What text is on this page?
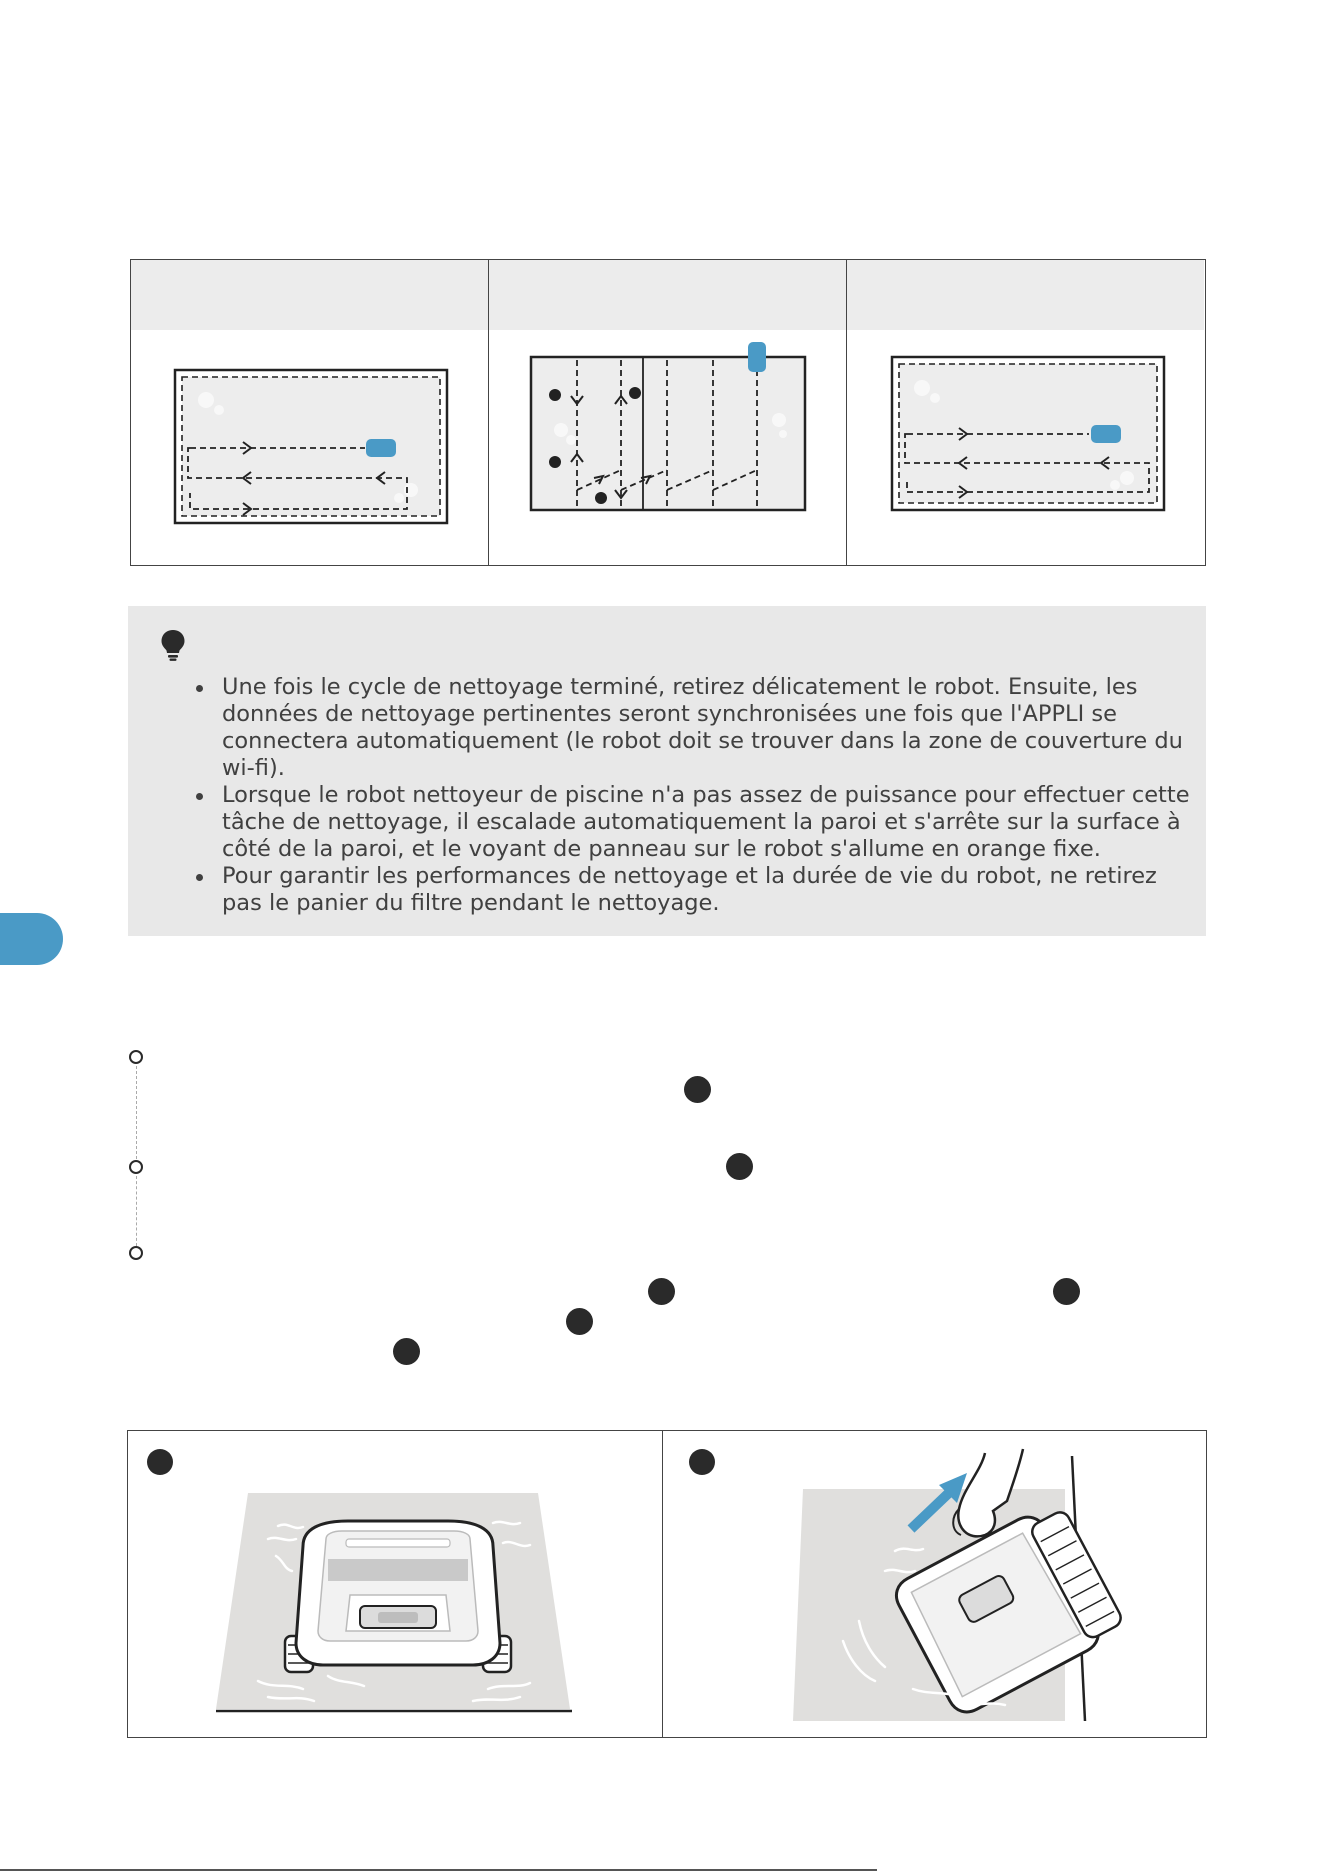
Une fois le cycle de nettoyage terminé, retirez délicatement le robot. Ensuite, les données de nettoyage pertinentes seront synchronisées une fois que l'APPLI se connectera automatiquement (le robot doit se trouver dans la zone de couverture du wi-fi).
Lorsque le robot nettoyeur de piscine n'a pas assez de puissance pour effectuer cette tâche de nettoyage, il escalade automatiquement la paroi et s'arrête sur la surface à côté de la paroi, et le voyant de panneau sur le robot s'allume en orange fixe.
Pour garantir les performances de nettoyage et la durée de vie du robot, ne retirez pas le panier du filtre pendant le nettoyage.
